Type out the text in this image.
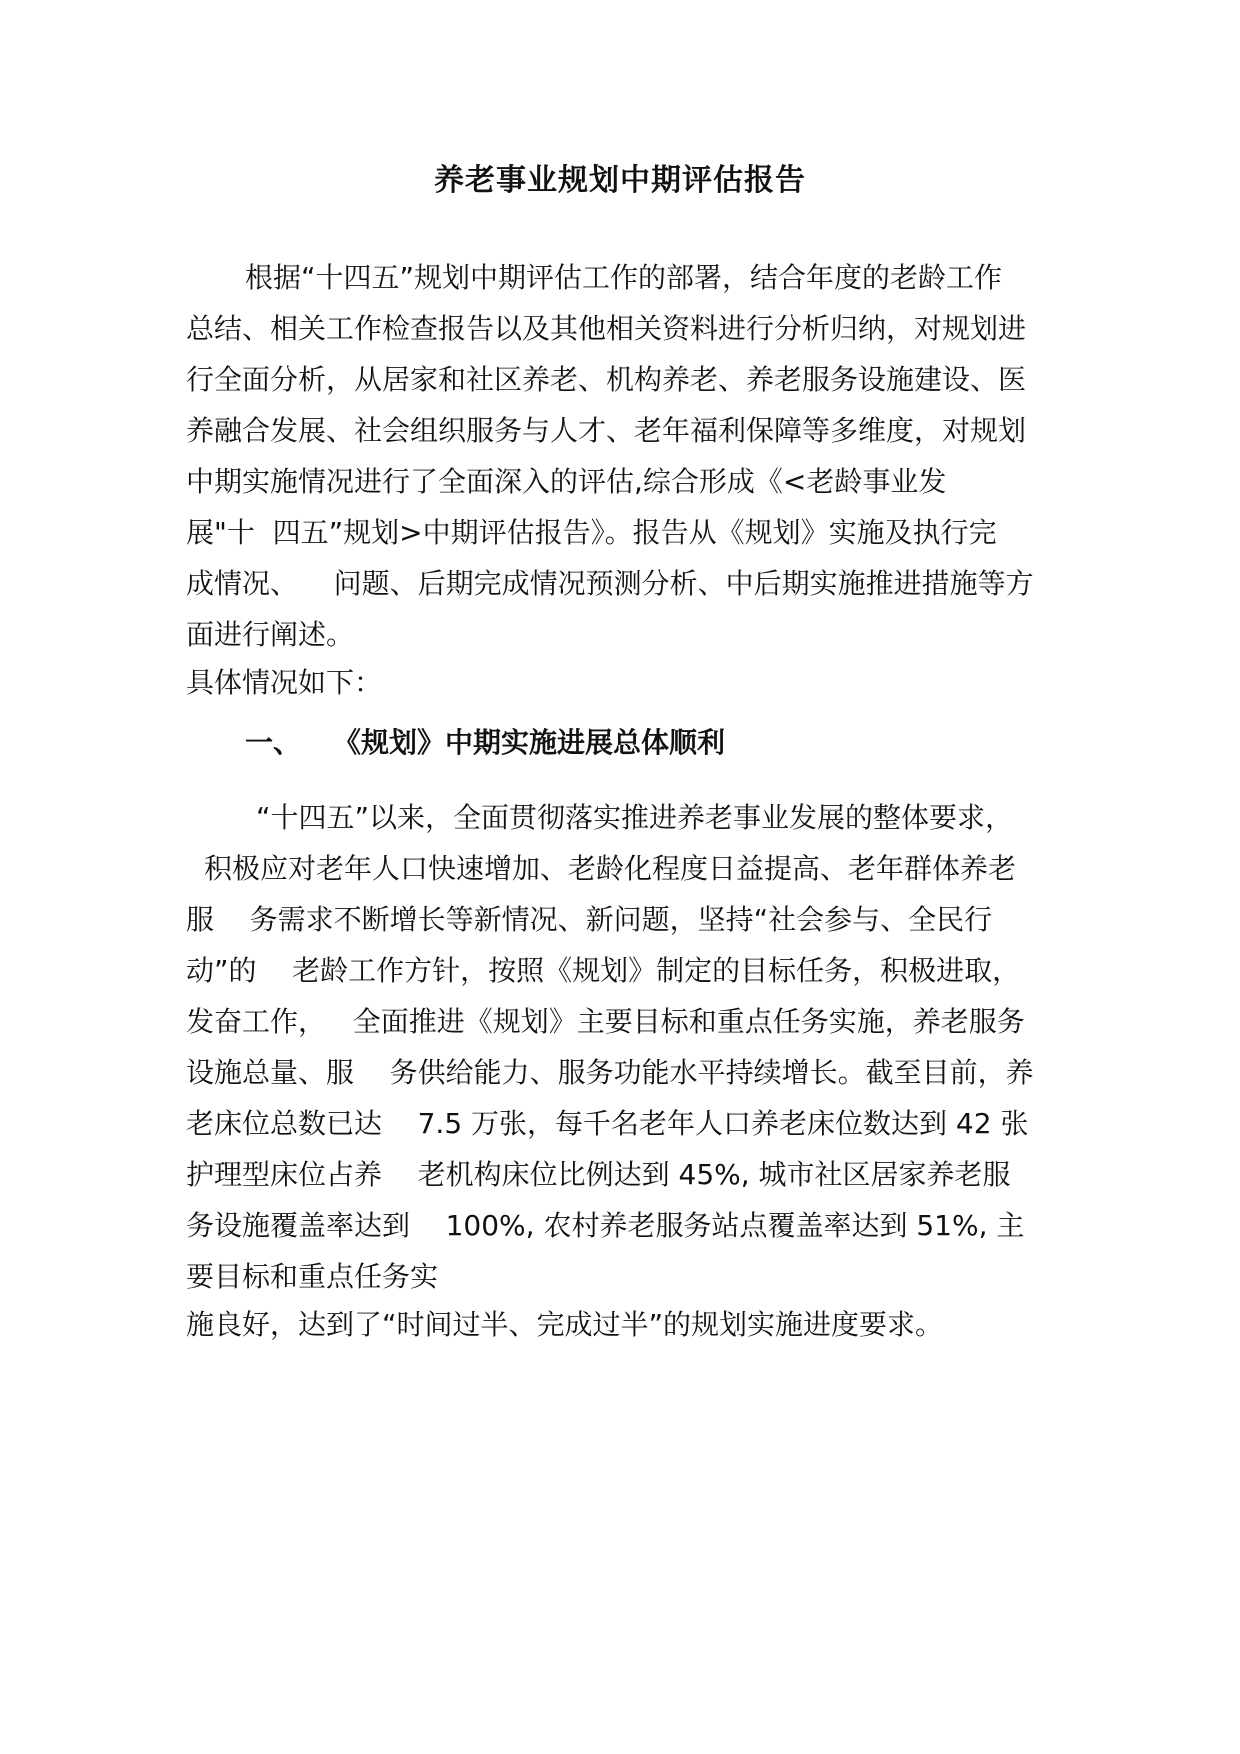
养老事业规划中期评估报告
根据“十四五”规划中期评估工作的部署，结合年度的老龄工作
总结、相关工作检查报告以及其他相关资料进行分析归纳，对规划进
行全面分析，从居家和社区养老、机构养老、养老服务设施建设、医
养融合发展、社会组织服务与人才、老年福利保障等多维度，对规划
中期实施情况进行了全面深入的评估,综合形成《<老龄事业发
展"十  四五”规划>中期评估报告》。报告从《规划》实施及执行完
成情况、    问题、后期完成情况预测分析、中后期实施推进措施等方
面进行阐述。
具体情况如下：
一、 《规划》中期实施进展总体顺利
“十四五”以来，全面贯彻落实推进养老事业发展的整体要求，
积极应对老年人口快速增加、老龄化程度日益提高、老年群体养老
服    务需求不断增长等新情况、新问题，坚持“社会参与、全民行
动”的    老龄工作方针，按照《规划》制定的目标任务，积极进取，
发奋工作，   全面推进《规划》主要目标和重点任务实施，养老服务
设施总量、服    务供给能力、服务功能水平持续增长。截至目前，养
老床位总数已达    7.5 万张，每千名老年人口养老床位数达到 42 张
护理型床位占养    老机构床位比例达到 45%, 城市社区居家养老服
务设施覆盖率达到    100%, 农村养老服务站点覆盖率达到 51%, 主
要目标和重点任务实
施良好，达到了“时间过半、完成过半”的规划实施进度要求。
